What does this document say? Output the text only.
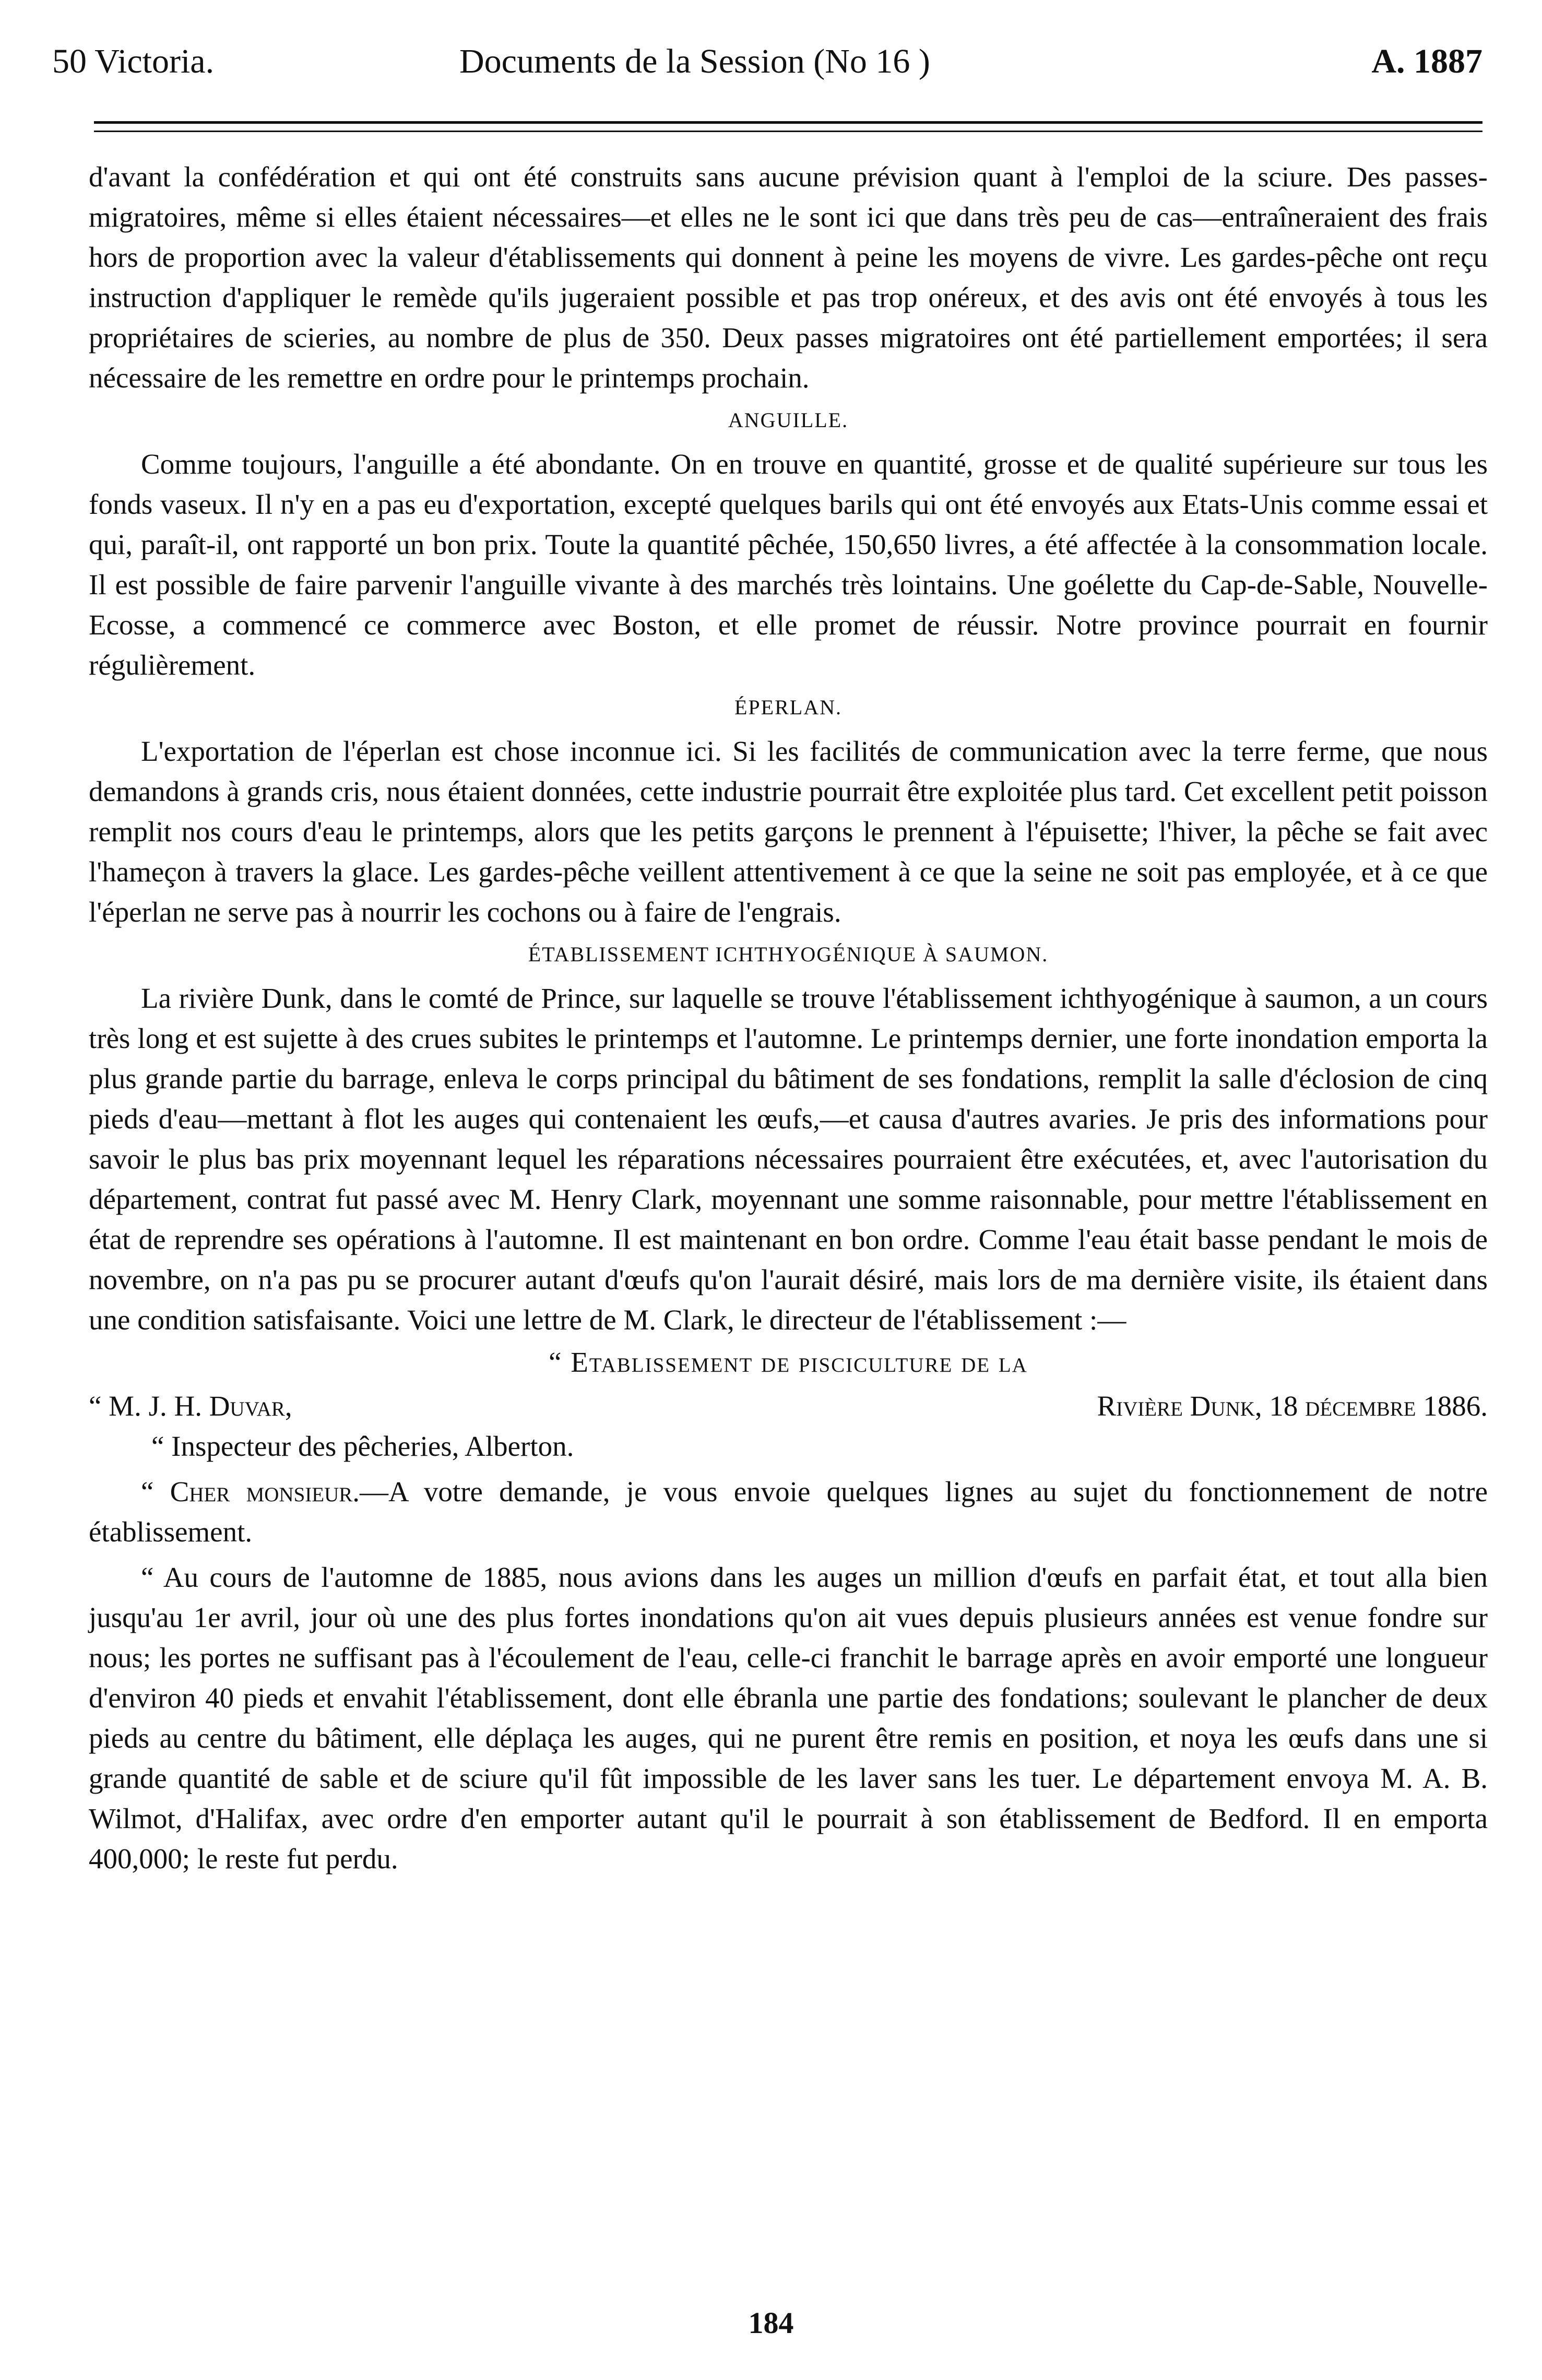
50 Victoria.	Documents de la Session (No 16 )	A. 1887

d'avant la confédération et qui ont été construits sans aucune prévision quant à l'emploi de la sciure. Des passes-migratoires, même si elles étaient nécessaires—et elles ne le sont ici que dans très peu de cas—entraîneraient des frais hors de proportion avec la valeur d'établissements qui donnent à peine les moyens de vivre. Les gardes-pêche ont reçu instruction d'appliquer le remède qu'ils jugeraient possible et pas trop onéreux, et des avis ont été envoyés à tous les propriétaires de scieries, au nombre de plus de 350. Deux passes migratoires ont été partiellement emportées; il sera nécessaire de les remettre en ordre pour le printemps prochain.

ANGUILLE.

Comme toujours, l'anguille a été abondante. On en trouve en quantité, grosse et de qualité supérieure sur tous les fonds vaseux. Il n'y en a pas eu d'exportation, excepté quelques barils qui ont été envoyés aux Etats-Unis comme essai et qui, paraît-il, ont rapporté un bon prix. Toute la quantité pêchée, 150,650 livres, a été affectée à la consommation locale. Il est possible de faire parvenir l'anguille vivante à des marchés très lointains. Une goélette du Cap-de-Sable, Nouvelle-Ecosse, a commencé ce commerce avec Boston, et elle promet de réussir. Notre province pourrait en fournir régulièrement.

ÉPERLAN.

L'exportation de l'éperlan est chose inconnue ici. Si les facilités de communication avec la terre ferme, que nous demandons à grands cris, nous étaient données, cette industrie pourrait être exploitée plus tard. Cet excellent petit poisson remplit nos cours d'eau le printemps, alors que les petits garçons le prennent à l'épuisette; l'hiver, la pêche se fait avec l'hameçon à travers la glace. Les gardes-pêche veillent attentivement à ce que la seine ne soit pas employée, et à ce que l'éperlan ne serve pas à nourrir les cochons ou à faire de l'engrais.

ÉTABLISSEMENT ICHTHYOGÉNIQUE À SAUMON.

La rivière Dunk, dans le comté de Prince, sur laquelle se trouve l'établissement ichthyogénique à saumon, a un cours très long et est sujette à des crues subites le printemps et l'automne. Le printemps dernier, une forte inondation emporta la plus grande partie du barrage, enleva le corps principal du bâtiment de ses fondations, remplit la salle d'éclosion de cinq pieds d'eau—mettant à flot les auges qui contenaient les œufs,—et causa d'autres avaries. Je pris des informations pour savoir le plus bas prix moyennant lequel les réparations nécessaires pourraient être exécutées, et, avec l'autorisation du département, contrat fut passé avec M. Henry Clark, moyennant une somme raisonnable, pour mettre l'établissement en état de reprendre ses opérations à l'automne. Il est maintenant en bon ordre. Comme l'eau était basse pendant le mois de novembre, on n'a pas pu se procurer autant d'œufs qu'on l'aurait désiré, mais lors de ma dernière visite, ils étaient dans une condition satisfaisante. Voici une lettre de M. Clark, le directeur de l'établissement :—

“ Etablissement de pisciculture de la
“ M. J. H. Duvar,	Rivière Dunk, 18 décembre 1886.

“ Inspecteur des pêcheries, Alberton.

“ Cher monsieur.—A votre demande, je vous envoie quelques lignes au sujet du fonctionnement de notre établissement.

“ Au cours de l'automne de 1885, nous avions dans les auges un million d'œufs en parfait état, et tout alla bien jusqu'au 1er avril, jour où une des plus fortes inondations qu'on ait vues depuis plusieurs années est venue fondre sur nous; les portes ne suffisant pas à l'écoulement de l'eau, celle-ci franchit le barrage après en avoir emporté une longueur d'environ 40 pieds et envahit l'établissement, dont elle ébranla une partie des fondations; soulevant le plancher de deux pieds au centre du bâtiment, elle déplaça les auges, qui ne purent être remis en position, et noya les œufs dans une si grande quantité de sable et de sciure qu'il fût impossible de les laver sans les tuer. Le département envoya M. A. B. Wilmot, d'Halifax, avec ordre d'en emporter autant qu'il le pourrait à son établissement de Bedford. Il en emporta 400,000; le reste fut perdu.

184
